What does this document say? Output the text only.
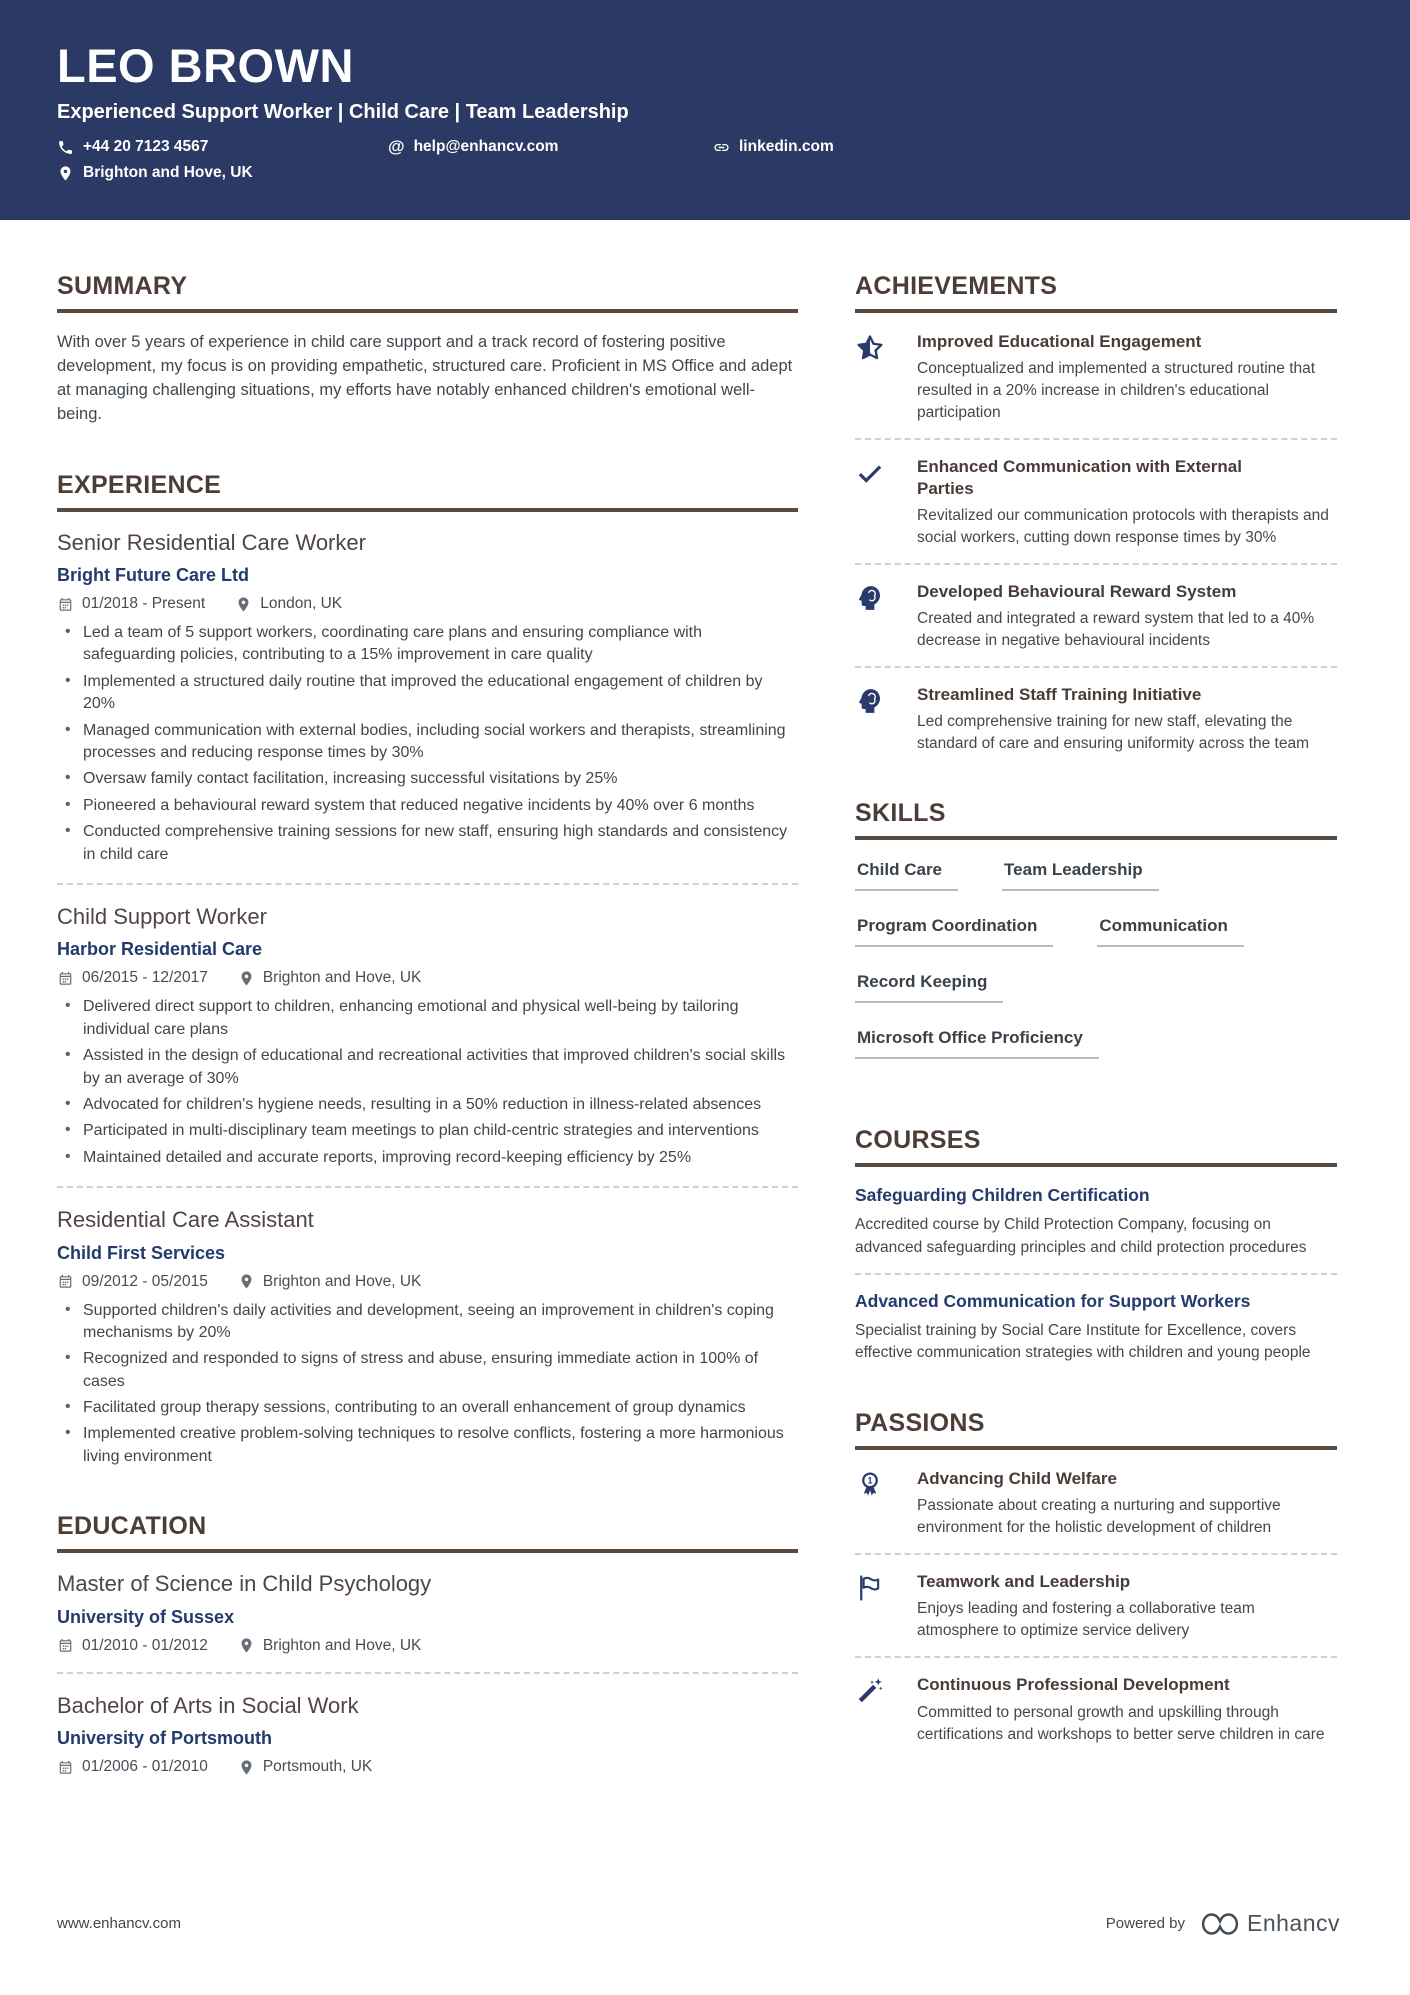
LEO BROWN
Experienced Support Worker | Child Care | Team Leadership
+44 20 7123 4567	@ help@enhancv.com	linkedin.com
Brighton and Hove, UK
SUMMARY

With over 5 years of experience in child care support and a track record of fostering positive development, my focus is on providing empathetic, structured care. Proficient in MS Office and adept at managing challenging situations, my efforts have notably enhanced children's emotional well-being.

EXPERIENCE
Senior Residential Care Worker
Bright Future Care Ltd
01/2018 - Present	London, UK
• Led a team of 5 support workers, coordinating care plans and ensuring compliance with safeguarding policies, contributing to a 15% improvement in care quality
• Implemented a structured daily routine that improved the educational engagement of children by 20%
• Managed communication with external bodies, including social workers and therapists, streamlining processes and reducing response times by 30%
• Oversaw family contact facilitation, increasing successful visitations by 25%
• Pioneered a behavioural reward system that reduced negative incidents by 40% over 6 months
• Conducted comprehensive training sessions for new staff, ensuring high standards and consistency in child care
Child Support Worker
Harbor Residential Care
06/2015 - 12/2017	Brighton and Hove, UK
• Delivered direct support to children, enhancing emotional and physical well-being by tailoring individual care plans
• Assisted in the design of educational and recreational activities that improved children's social skills by an average of 30%
• Advocated for children's hygiene needs, resulting in a 50% reduction in illness-related absences
• Participated in multi-disciplinary team meetings to plan child-centric strategies and interventions
• Maintained detailed and accurate reports, improving record-keeping efficiency by 25%
Residential Care Assistant
Child First Services
09/2012 - 05/2015	Brighton and Hove, UK
• Supported children's daily activities and development, seeing an improvement in children's coping mechanisms by 20%
• Recognized and responded to signs of stress and abuse, ensuring immediate action in 100% of cases
• Facilitated group therapy sessions, contributing to an overall enhancement of group dynamics
• Implemented creative problem-solving techniques to resolve conflicts, fostering a more harmonious living environment
EDUCATION
Master of Science in Child Psychology
University of Sussex
01/2010 - 01/2012	Brighton and Hove, UK
Bachelor of Arts in Social Work
University of Portsmouth
01/2006 - 01/2010	Portsmouth, UK
ACHIEVEMENTS
Improved Educational Engagement

Conceptualized and implemented a structured routine that resulted in a 20% increase in children's educational participation

Enhanced Communication with External Parties

Revitalized our communication protocols with therapists and social workers, cutting down response times by 30%

Developed Behavioural Reward System

Created and integrated a reward system that led to a 40% decrease in negative behavioural incidents

Streamlined Staff Training Initiative

Led comprehensive training for new staff, elevating the standard of care and ensuring uniformity across the team

SKILLS
Child Care	Team Leadership
Program Coordination	Communication
Record Keeping
Microsoft Office Proficiency
COURSES
Safeguarding Children Certification

Accredited course by Child Protection Company, focusing on advanced safeguarding principles and child protection procedures

Advanced Communication for Support Workers

Specialist training by Social Care Institute for Excellence, covers effective communication strategies with children and young people

PASSIONS
Advancing Child Welfare

Passionate about creating a nurturing and supportive environment for the holistic development of children

Teamwork and Leadership

Enjoys leading and fostering a collaborative team atmosphere to optimize service delivery

Continuous Professional Development

Committed to personal growth and upskilling through certifications and workshops to better serve children in care

www.enhancv.com	Powered by	Enhancv
